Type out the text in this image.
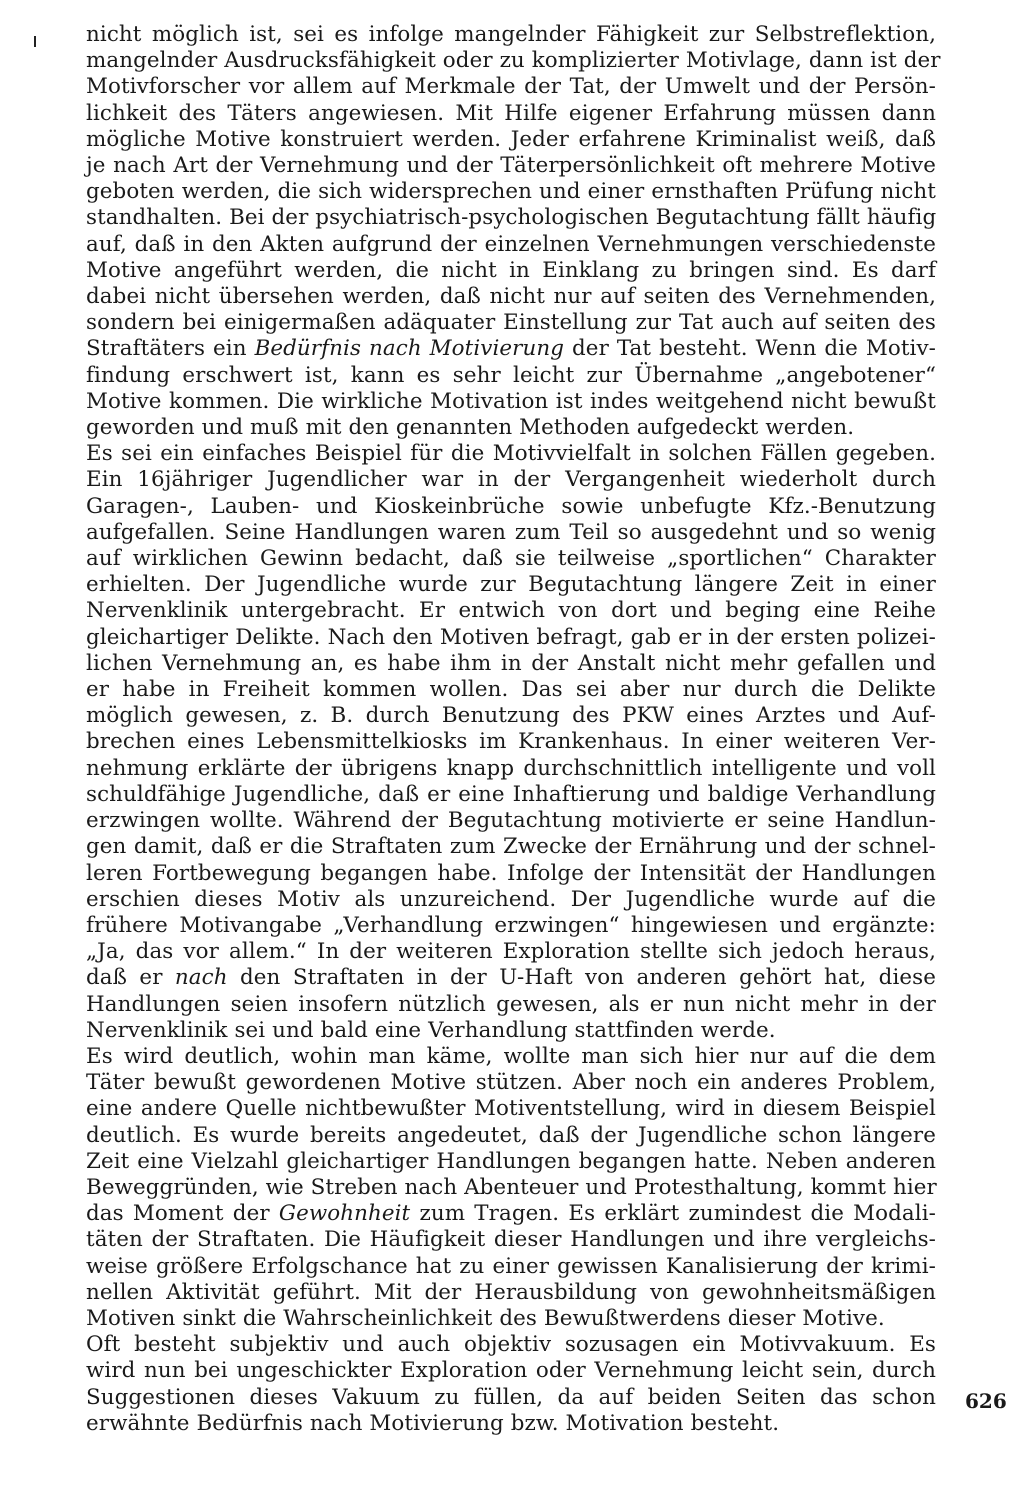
nicht möglich ist, sei es infolge mangelnder Fähigkeit zur Selbstreflektion,
mangelnder Ausdrucksfähigkeit oder zu komplizierter Motivlage, dann ist der
Motivforscher vor allem auf Merkmale der Tat, der Umwelt und der Persön-
lichkeit des Täters angewiesen. Mit Hilfe eigener Erfahrung müssen dann
mögliche Motive konstruiert werden. Jeder erfahrene Kriminalist weiß, daß
je nach Art der Vernehmung und der Täterpersönlichkeit oft mehrere Motive
geboten werden, die sich widersprechen und einer ernsthaften Prüfung nicht
standhalten. Bei der psychiatrisch-psychologischen Begutachtung fällt häufig
auf, daß in den Akten aufgrund der einzelnen Vernehmungen verschiedenste
Motive angeführt werden, die nicht in Einklang zu bringen sind. Es darf
dabei nicht übersehen werden, daß nicht nur auf seiten des Vernehmenden,
sondern bei einigermaßen adäquater Einstellung zur Tat auch auf seiten des
Straftäters ein Bedürfnis nach Motivierung der Tat besteht. Wenn die Motiv-
findung erschwert ist, kann es sehr leicht zur Übernahme „angebotener“
Motive kommen. Die wirkliche Motivation ist indes weitgehend nicht bewußt
geworden und muß mit den genannten Methoden aufgedeckt werden.
Es sei ein einfaches Beispiel für die Motivvielfalt in solchen Fällen gegeben.
Ein 16jähriger Jugendlicher war in der Vergangenheit wiederholt durch
Garagen-, Lauben- und Kioskeinbrüche sowie unbefugte Kfz.-Benutzung
aufgefallen. Seine Handlungen waren zum Teil so ausgedehnt und so wenig
auf wirklichen Gewinn bedacht, daß sie teilweise „sportlichen“ Charakter
erhielten. Der Jugendliche wurde zur Begutachtung längere Zeit in einer
Nervenklinik untergebracht. Er entwich von dort und beging eine Reihe
gleichartiger Delikte. Nach den Motiven befragt, gab er in der ersten polizei-
lichen Vernehmung an, es habe ihm in der Anstalt nicht mehr gefallen und
er habe in Freiheit kommen wollen. Das sei aber nur durch die Delikte
möglich gewesen, z. B. durch Benutzung des PKW eines Arztes und Auf-
brechen eines Lebensmittelkiosks im Krankenhaus. In einer weiteren Ver-
nehmung erklärte der übrigens knapp durchschnittlich intelligente und voll
schuldfähige Jugendliche, daß er eine Inhaftierung und baldige Verhandlung
erzwingen wollte. Während der Begutachtung motivierte er seine Handlun-
gen damit, daß er die Straftaten zum Zwecke der Ernährung und der schnel-
leren Fortbewegung begangen habe. Infolge der Intensität der Handlungen
erschien dieses Motiv als unzureichend. Der Jugendliche wurde auf die
frühere Motivangabe „Verhandlung erzwingen“ hingewiesen und ergänzte:
„Ja, das vor allem.“ In der weiteren Exploration stellte sich jedoch heraus,
daß er nach den Straftaten in der U-Haft von anderen gehört hat, diese
Handlungen seien insofern nützlich gewesen, als er nun nicht mehr in der
Nervenklinik sei und bald eine Verhandlung stattfinden werde.
Es wird deutlich, wohin man käme, wollte man sich hier nur auf die dem
Täter bewußt gewordenen Motive stützen. Aber noch ein anderes Problem,
eine andere Quelle nichtbewußter Motiventstellung, wird in diesem Beispiel
deutlich. Es wurde bereits angedeutet, daß der Jugendliche schon längere
Zeit eine Vielzahl gleichartiger Handlungen begangen hatte. Neben anderen
Beweggründen, wie Streben nach Abenteuer und Protesthaltung, kommt hier
das Moment der Gewohnheit zum Tragen. Es erklärt zumindest die Modali-
täten der Straftaten. Die Häufigkeit dieser Handlungen und ihre vergleichs-
weise größere Erfolgschance hat zu einer gewissen Kanalisierung der krimi-
nellen Aktivität geführt. Mit der Herausbildung von gewohnheitsmäßigen
Motiven sinkt die Wahrscheinlichkeit des Bewußtwerdens dieser Motive.
Oft besteht subjektiv und auch objektiv sozusagen ein Motivvakuum. Es
wird nun bei ungeschickter Exploration oder Vernehmung leicht sein, durch
Suggestionen dieses Vakuum zu füllen, da auf beiden Seiten das schon
erwähnte Bedürfnis nach Motivierung bzw. Motivation besteht.
626
